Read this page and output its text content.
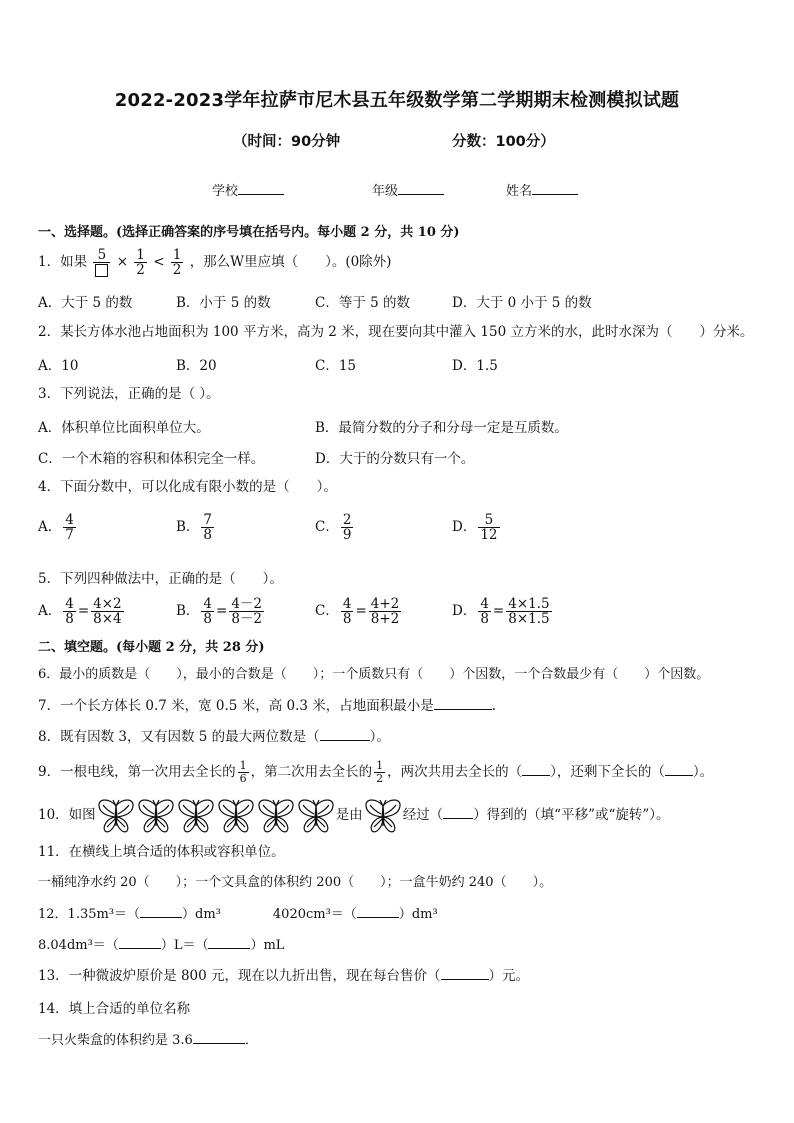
2022-2023学年拉萨市尼木县五年级数学第二学期期末检测模拟试题
（时间：90分钟	分数：100分）
学校	年级	姓名
一、选择题。(选择正确答案的序号填在括号内。每小题 2 分，共 10 分)
1．如果 $5 \times \frac{1}{2} < \frac{1}{2}$ ，那么W里应填（　　）。(0除外)
A．大于 5 的数	B．小于 5 的数	C．等于 5 的数	D．大于 0 小于 5 的数
2．某长方体水池占地面积为 100 平方米，高为 2 米，现在要向其中灌入 150 立方米的水，此时水深为（　　）分米。
A．10	B．20	C．15	D．1.5
3．下列说法，正确的是（ ）。
A．体积单位比面积单位大。	B．最简分数的分子和分母一定是互质数。
C．一个木箱的容积和体积完全一样。	D．大于的分数只有一个。
4．下面分数中，可以化成有限小数的是（　　）。
A． $\frac{4}{7}$	B． $\frac{7}{8}$	C． $\frac{2}{9}$	D． $\frac{5}{12}$
5．下列四种做法中，正确的是（　　）。
A． $\frac{4}{8} = \frac{4\times 2}{8\times 4}$	B． $\frac{4}{8} = \frac{4-2}{8-2}$	C． $\frac{4}{8} = \frac{4+2}{8+2}$	D． $\frac{4}{8} = \frac{4\times 1.5}{8\times 1.5}$
二、填空题。(每小题 2 分，共 28 分)
6．最小的质数是（　　），最小的合数是（　　）；一个质数只有（　　）个因数，一个合数最少有（　　）个因数。
7．一个长方体长 0.7 米，宽 0.5 米，高 0.3 米，占地面积最小是	．
8．既有因数 3，又有因数 5 的最大两位数是（	）。
9．一根电线，第一次用去全长的 $\frac{1}{6}$ ，第二次用去全长的 $\frac{1}{2}$ ，两次共用去全长的（ ），还剩下全长的（ ）。
10．如图	是由	经过（ ）得到的（填“平移”或“旋转”）。
11．在横线上填合适的体积或容积单位。
一桶纯净水约 20（　　）；一个文具盒的体积约 200（　　）；一盒牛奶约 240（　　）。
12．1.35m³＝（	）dm³	4020cm³＝（	）dm³
8.04dm³＝（	）L＝（	）mL
13．一种微波炉原价是 800 元，现在以九折出售，现在每台售价（	）元。
14．填上合适的单位名称
一只火柴盒的体积约是 3.6	．
